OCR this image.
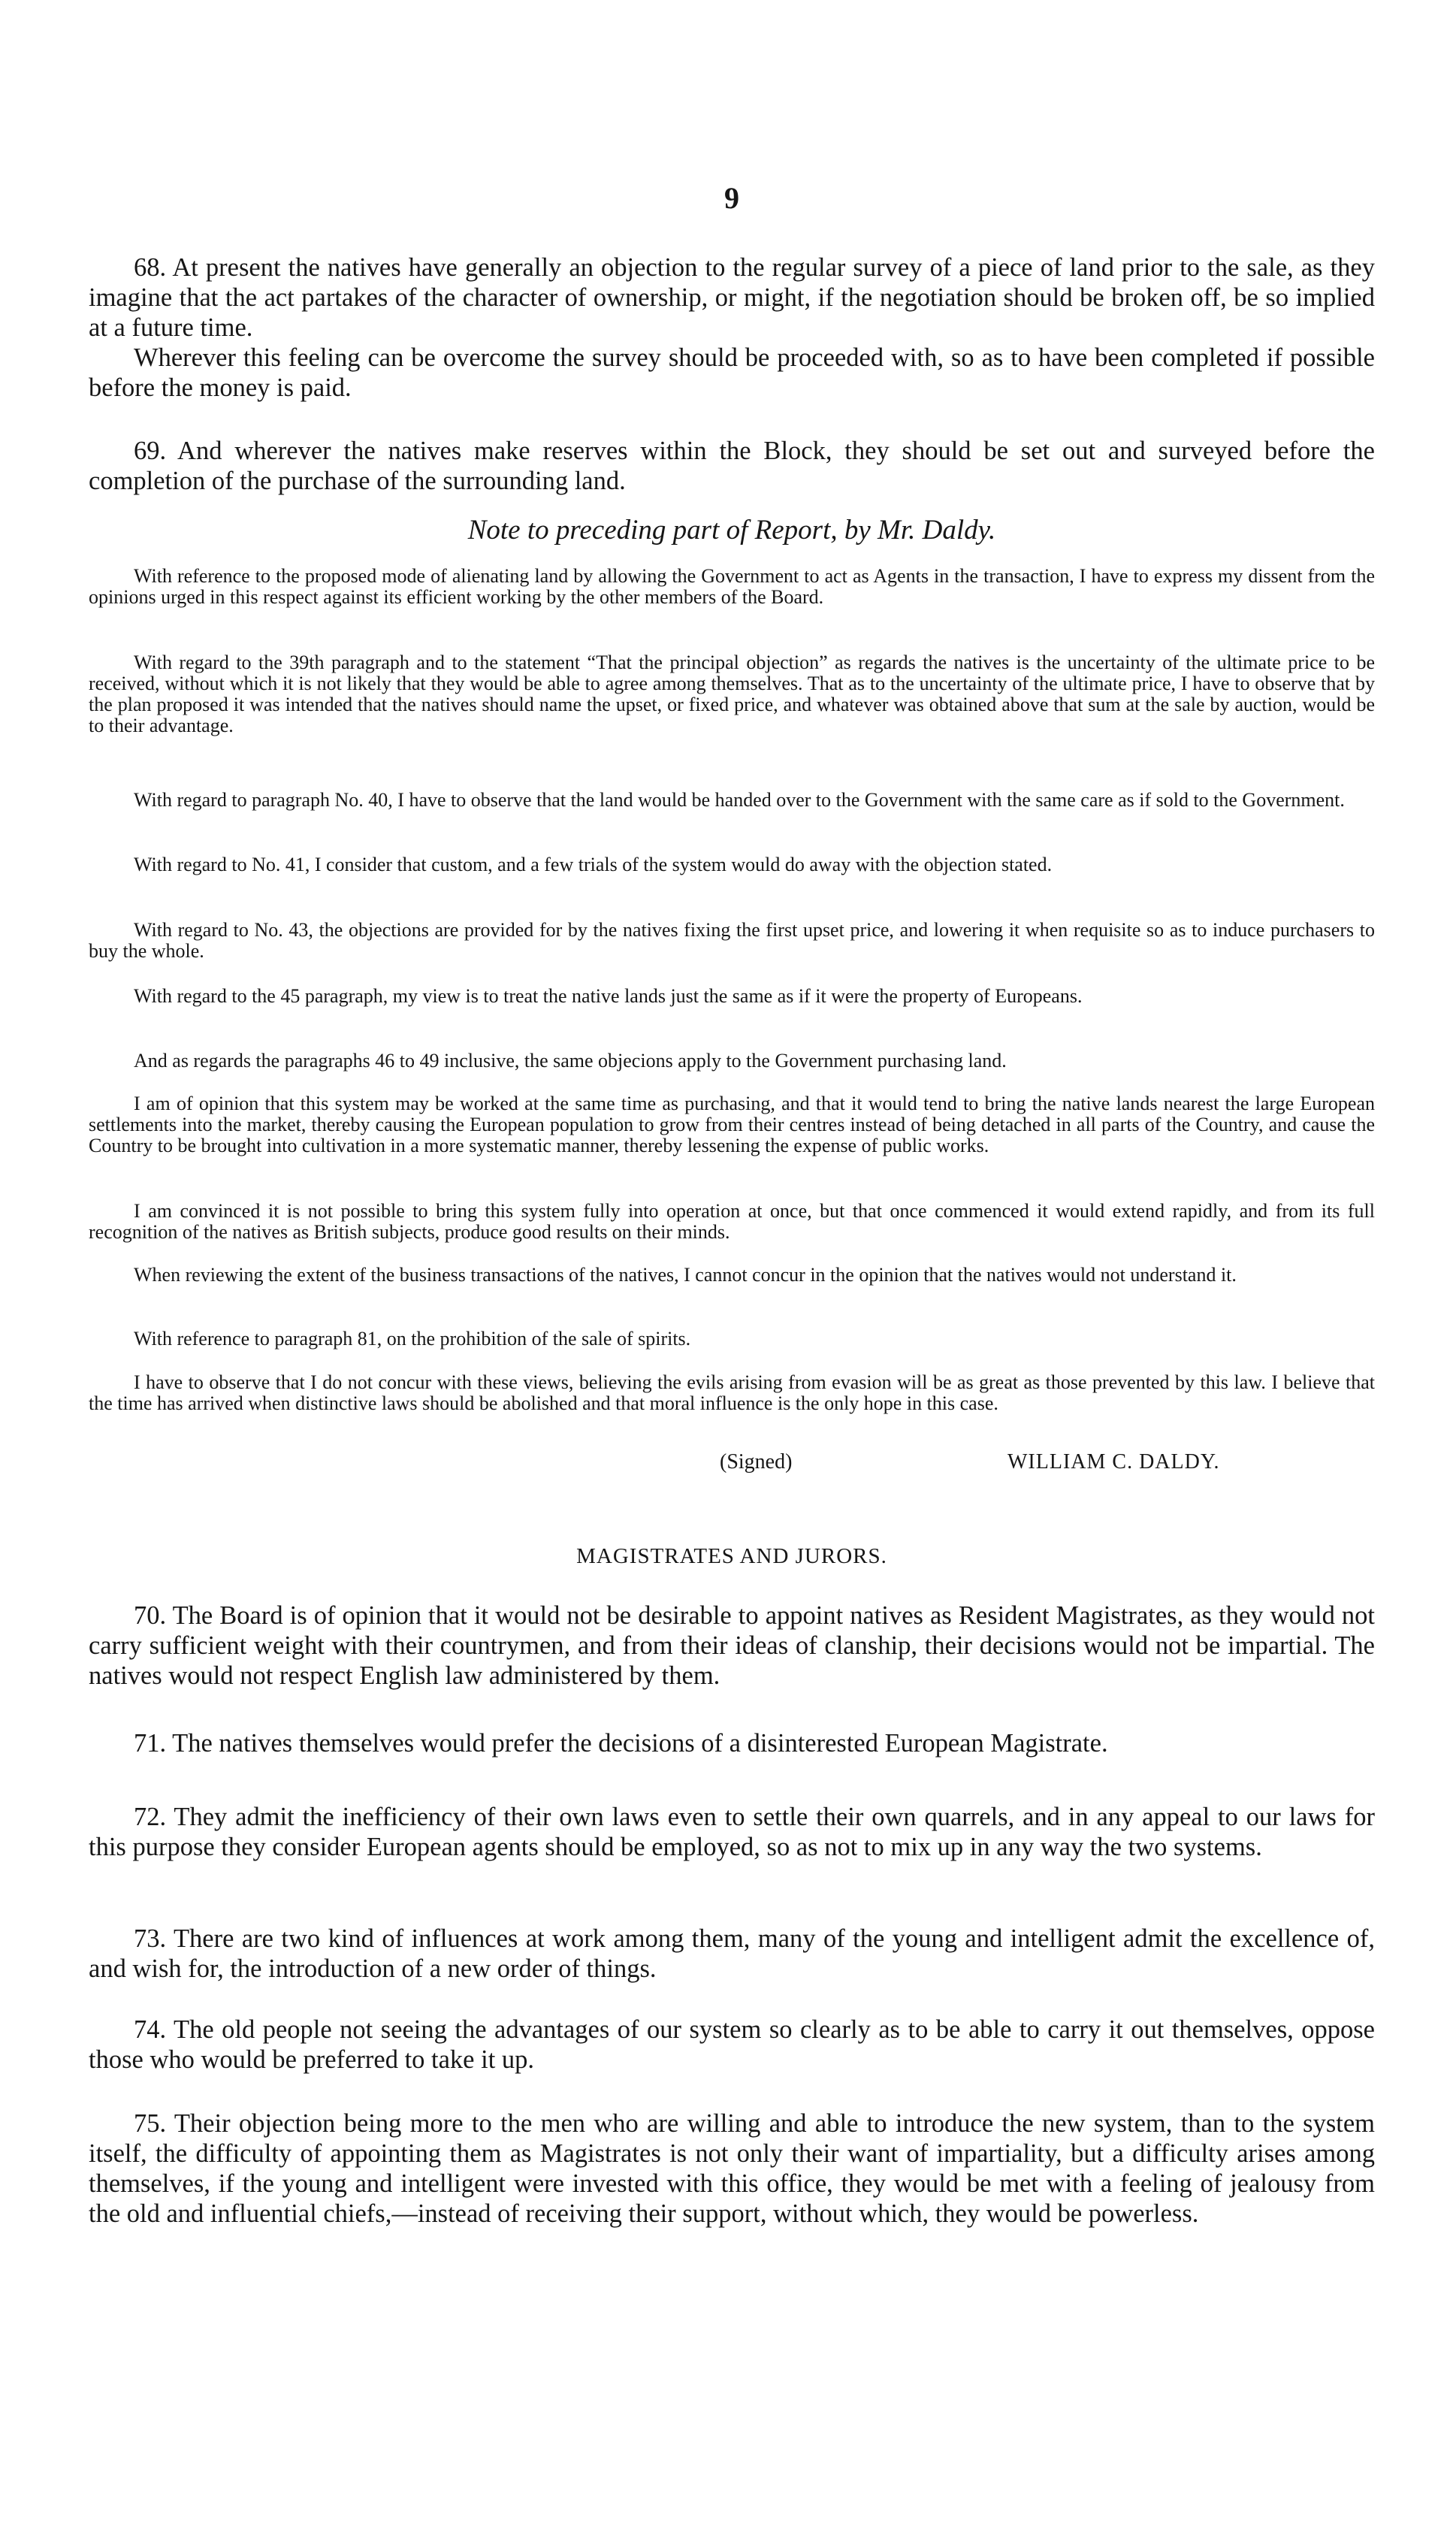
9

68. At present the natives have generally an objection to the regular survey of a piece of land prior to the sale, as they imagine that the act partakes of the character of ownership, or might, if the negotiation should be broken off, be so implied at a future time.

Wherever this feeling can be overcome the survey should be proceeded with, so as to have been completed if possible before the money is paid.

69. And wherever the natives make reserves within the Block, they should be set out and surveyed before the completion of the purchase of the surrounding land.

Note to preceding part of Report, by Mr. Daldy.

With reference to the proposed mode of alienating land by allowing the Government to act as Agents in the transaction, I have to express my dissent from the opinions urged in this respect against its efficient working by the other members of the Board.

With regard to the 39th paragraph and to the statement “That the principal objection” as regards the natives is the uncertainty of the ultimate price to be received, without which it is not likely that they would be able to agree among themselves. That as to the uncertainty of the ultimate price, I have to observe that by the plan proposed it was intended that the natives should name the upset, or fixed price, and whatever was obtained above that sum at the sale by auction, would be to their advantage.

With regard to paragraph No. 40, I have to observe that the land would be handed over to the Government with the same care as if sold to the Government.

With regard to No. 41, I consider that custom, and a few trials of the system would do away with the objection stated.

With regard to No. 43, the objections are provided for by the natives fixing the first upset price, and lowering it when requisite so as to induce purchasers to buy the whole.

With regard to the 45 paragraph, my view is to treat the native lands just the same as if it were the property of Europeans.

And as regards the paragraphs 46 to 49 inclusive, the same objecions apply to the Government purchasing land.

I am of opinion that this system may be worked at the same time as purchasing, and that it would tend to bring the native lands nearest the large European settlements into the market, thereby causing the European population to grow from their centres instead of being detached in all parts of the Country, and cause the Country to be brought into cultivation in a more systematic manner, thereby lessening the expense of public works.

I am convinced it is not possible to bring this system fully into operation at once, but that once commenced it would extend rapidly, and from its full recognition of the natives as British subjects, produce good results on their minds.

When reviewing the extent of the business transactions of the natives, I cannot concur in the opinion that the natives would not understand it.

With reference to paragraph 81, on the prohibition of the sale of spirits.

I have to observe that I do not concur with these views, believing the evils arising from evasion will be as great as those prevented by this law. I believe that the time has arrived when distinctive laws should be abolished and that moral influence is the only hope in this case.

(Signed)	WILLIAM C. DALDY.

MAGISTRATES AND JURORS.

70. The Board is of opinion that it would not be desirable to appoint natives as Resident Magistrates, as they would not carry sufficient weight with their countrymen, and from their ideas of clanship, their decisions would not be impartial. The natives would not respect English law administered by them.

71. The natives themselves would prefer the decisions of a disinterested European Magistrate.

72. They admit the inefficiency of their own laws even to settle their own quarrels, and in any appeal to our laws for this purpose they consider European agents should be employed, so as not to mix up in any way the two systems.

73. There are two kind of influences at work among them, many of the young and intelligent admit the excellence of, and wish for, the introduction of a new order of things.

74. The old people not seeing the advantages of our system so clearly as to be able to carry it out themselves, oppose those who would be preferred to take it up.

75. Their objection being more to the men who are willing and able to introduce the new system, than to the system itself, the difficulty of appointing them as Magistrates is not only their want of impartiality, but a difficulty arises among themselves, if the young and intelligent were invested with this office, they would be met with a feeling of jealousy from the old and influential chiefs,—instead of receiving their support, without which, they would be powerless.
